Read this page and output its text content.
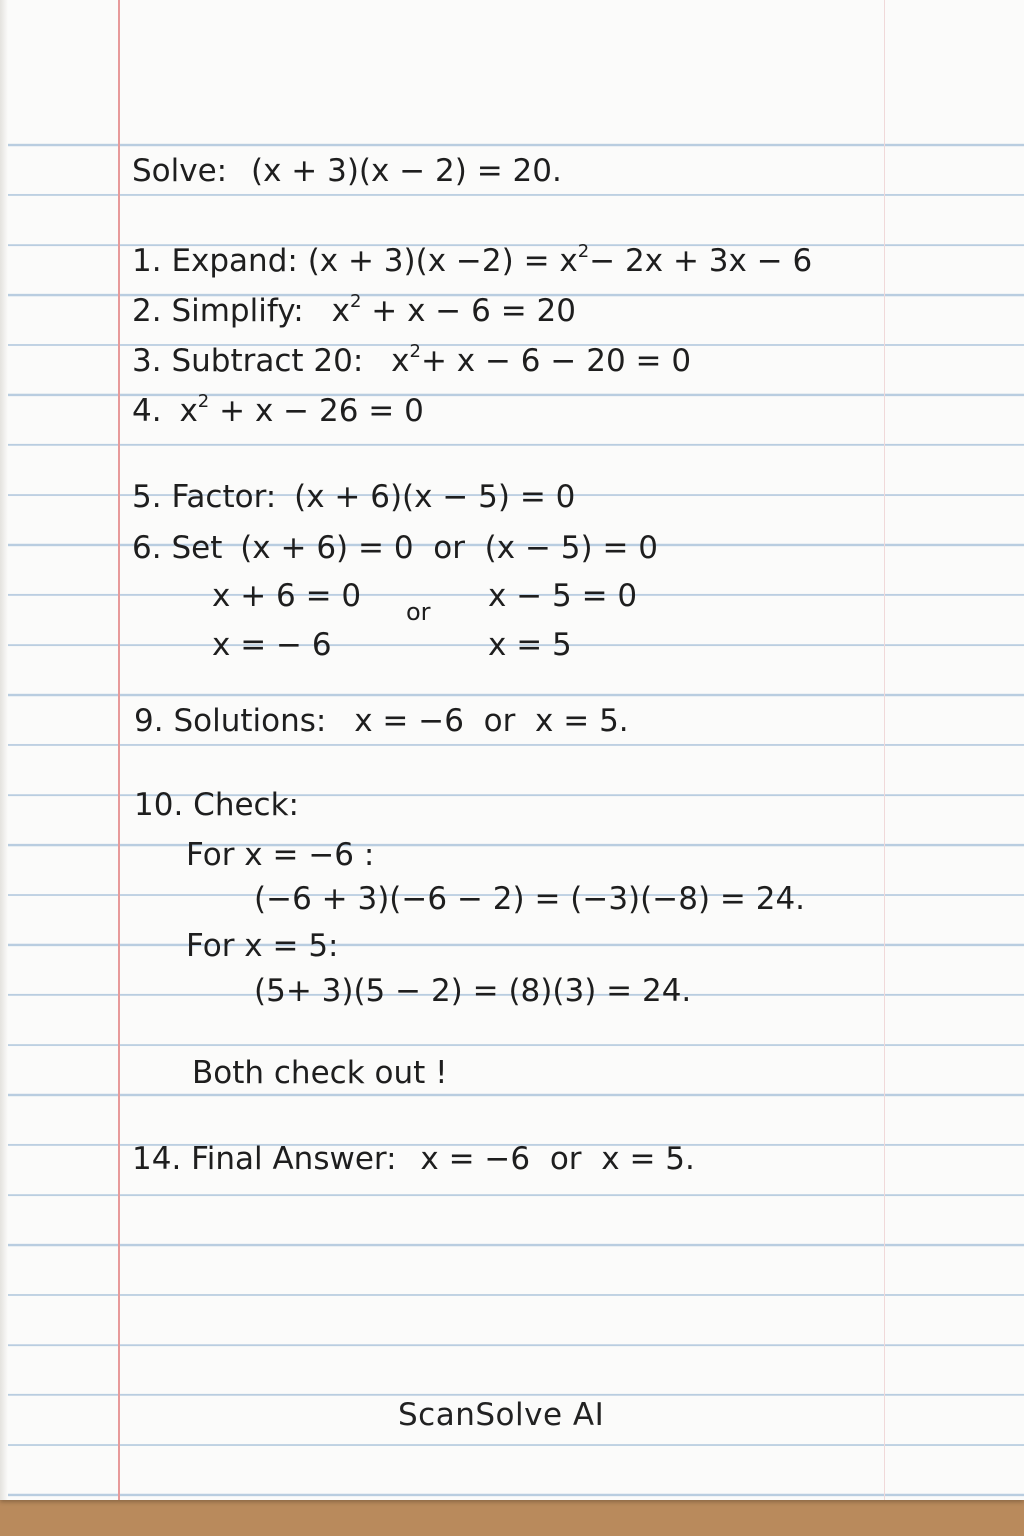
Solve: (x + 3)(x − 2) = 20.
1. Expand: $(x + 3)(x -2) = x^2- 2x + 3x - 6$
2. Simplify: $x^2 + x - 6 = 20$
3. Subtract 20: $x^2+ x - 6 - 20 = 0$
4. $x^2 + x - 26 = 0$
5. Factor: (x + 6)(x − 5) = 0
6. Set (x + 6) = 0  or  (x − 5) = 0
x + 6 = 0
x = − 6
or x − 5 = 0
x = 5
9. Solutions: x = −6  or  x = 5.
10. Check:
For x = −6 :
(−6 + 3)(−6 − 2) = (−3)(−8) = 24.
For x = 5:
(5+ 3)(5 − 2) = (8)(3) = 24.
Both check out !
14. Final Answer: x = −6  or  x = 5.
ScanSolve AI
